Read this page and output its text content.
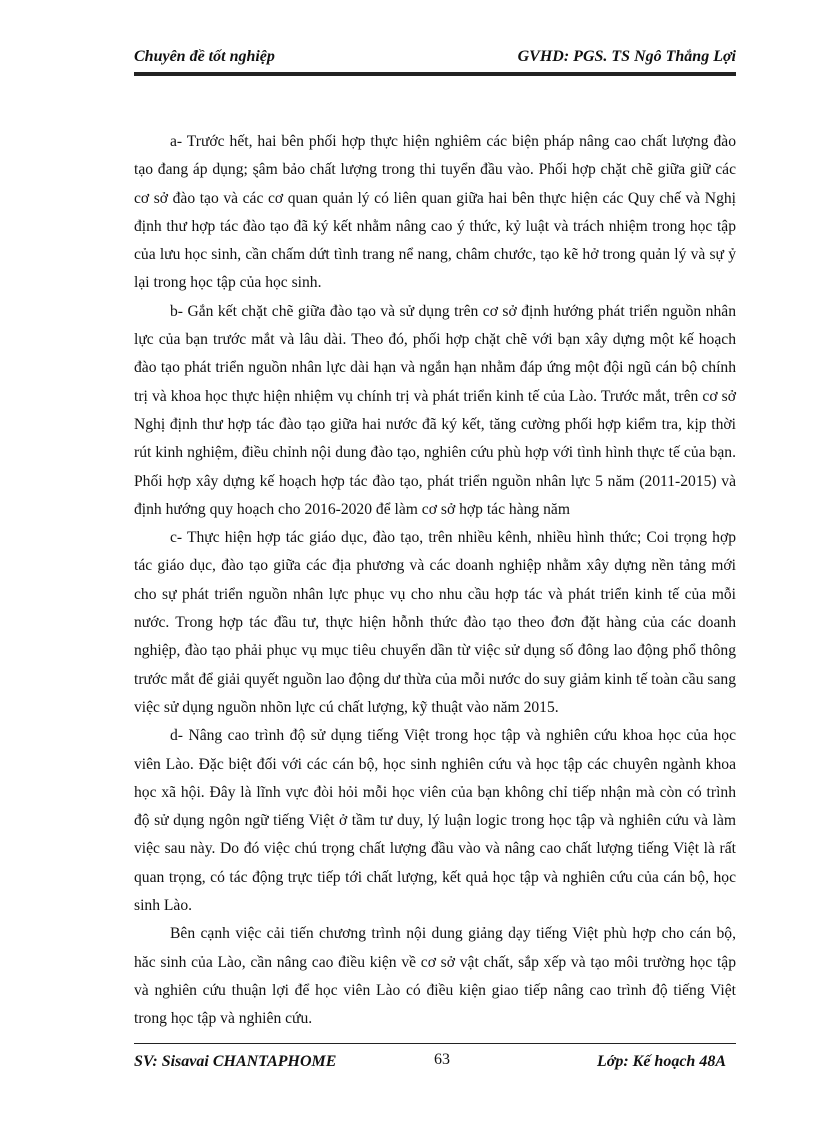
Chuyên đề tốt nghiệp	GVHD: PGS. TS Ngô Thắng Lợi

a- Trước hết, hai bên phối hợp thực hiện nghiêm các biện pháp nâng cao chất lượng đào tạo đang áp dụng; ȿâm bảo chất lượng trong thi tuyển đầu vào. Phối hợp chặt chẽ giữa giữ các cơ sở đào tạo và các cơ quan quản lý có liên quan giữa hai bên thực hiện các Quy chế và Nghị định thư hợp tác đào tạo đã ký kết nhằm nâng cao ý thức, kỷ luật và trách nhiệm trong học tập của lưu học sinh, cần chấm dứt tình trang nể nang, châm chước, tạo kẽ hở trong quản lý và sự ỷ lại trong học tập của học sinh.

b- Gắn kết chặt chẽ giữa đào tạo và sử dụng trên cơ sở định hướng phát triển nguồn nhân lực của bạn trước mắt và lâu dài. Theo đó, phối hợp chặt chẽ với bạn xây dựng một kế hoạch đào tạo phát triển nguồn nhân lực dài hạn và ngắn hạn nhằm đáp ứng một đội ngũ cán bộ chính trị và khoa học thực hiện nhiệm vụ chính trị và phát triển kinh tế của Lào. Trước mắt, trên cơ sở Nghị định thư hợp tác đào tạo giữa hai nước đã ký kết, tăng cường phối hợp kiểm tra, kịp thời rút kinh nghiệm, điều chỉnh nội dung đào tạo, nghiên cứu phù hợp với tình hình thực tế của bạn. Phối hợp xây dựng kế hoạch hợp tác đào tạo, phát triển nguồn nhân lực 5 năm (2011-2015) và định hướng quy hoạch cho 2016-2020 để làm cơ sở hợp tác hàng năm

c- Thực hiện hợp tác giáo dục, đào tạo, trên nhiều kênh, nhiều hình thức; Coi trọng hợp tác giáo dục, đào tạo giữa các địa phương và các doanh nghiệp nhằm xây dựng nền tảng mới cho sự phát triển nguồn nhân lực phục vụ cho nhu cầu hợp tác và phát triển kinh tế của mỗi nước. Trong hợp tác đầu tư, thực hiện hỗnh thức đào tạo theo đơn đặt hàng của các doanh nghiệp, đào tạo phải phục vụ mục tiêu chuyển dần từ việc sử dụng số đông lao động phổ thông trước mắt để giải quyết nguồn lao động dư thừa của mỗi nước do suy giảm kinh tế toàn cầu sang việc sử dụng nguồn nhõn lực cú chất lượng, kỹ thuật vào năm 2015.

d- Nâng cao trình độ sử dụng tiếng Việt trong học tập và nghiên cứu khoa học của học viên Lào. Đặc biệt đối với các cán bộ, học sinh nghiên cứu và học tập các chuyên ngành khoa học xã hội. Đây là lĩnh vực đòi hỏi mỗi học viên của bạn không chỉ tiếp nhận mà còn có trình độ sử dụng ngôn ngữ tiếng Việt ở tầm tư duy, lý luận logic trong học tập và nghiên cứu và làm việc sau này. Do đó việc chú trọng chất lượng đầu vào và nâng cao chất lượng tiếng Việt là rất quan trọng, có tác động trực tiếp tới chất lượng, kết quả học tập và nghiên cứu của cán bộ, học sinh Lào.

Bên cạnh việc cải tiến chương trình nội dung giảng dạy tiếng Việt phù hợp cho cán bộ, hăc sinh của Lào, cần nâng cao điều kiện về cơ sở vật chất, sắp xếp và tạo môi trường học tập và nghiên cứu thuận lợi để học viên Lào có điều kiện giao tiếp nâng cao trình độ tiếng Việt trong học tập và nghiên cứu.

SV: Sisavai CHANTAPHOME	63	Lớp: Kế hoạch 48A
